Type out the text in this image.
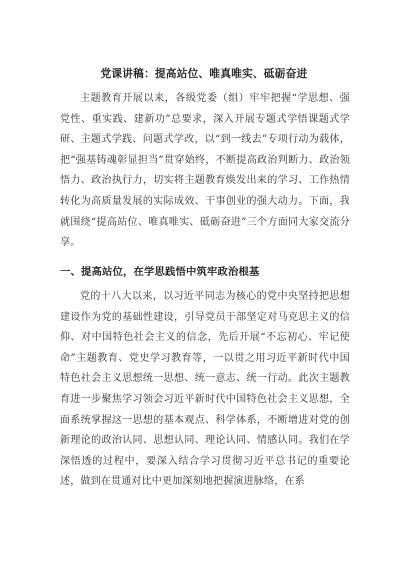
党课讲稿：提高站位、唯真唯实、砥砺奋进

主题教育开展以来，各级党委（组）牢牢把握“学思想、强党性、重实践、建新功”总要求，深入开展专题式学悟课题式学研、主题式学践、问题式学改，以“到一线去”专项行动为载体，把“强基铸魂彰显担当”贯穿始终，不断提高政治判断力、政治领悟力、政治执行力，切实将主题教育焕发出来的学习、工作热情转化为高质量发展的实际成效、干事创业的强大动力。下面，我就围绕“提高站位、唯真唯实、砥砺奋进”三个方面同大家交流分享。

一、提高站位，在学思践悟中筑牢政治根基

党的十八大以来，以习近平同志为核心的党中央坚持把思想建设作为党的基础性建设，引导党员干部坚定对马克思主义的信仰、对中国特色社会主义的信念，先后开展“不忘初心、牢记使命”主题教育、党史学习教育等，一以贯之用习近平新时代中国特色社会主义思想统一思想、统一意志、统一行动。此次主题教育进一步聚焦学习领会习近平新时代中国特色社会主义思想，全面系统掌握这一思想的基本观点、科学体系，不断增进对党的创新理论的政治认同、思想认同、理论认同、情感认同。我们在学深悟透的过程中，要深入结合学习贯彻习近平总书记的重要论述，做到在贯通对比中更加深刻地把握演进脉络，在系
